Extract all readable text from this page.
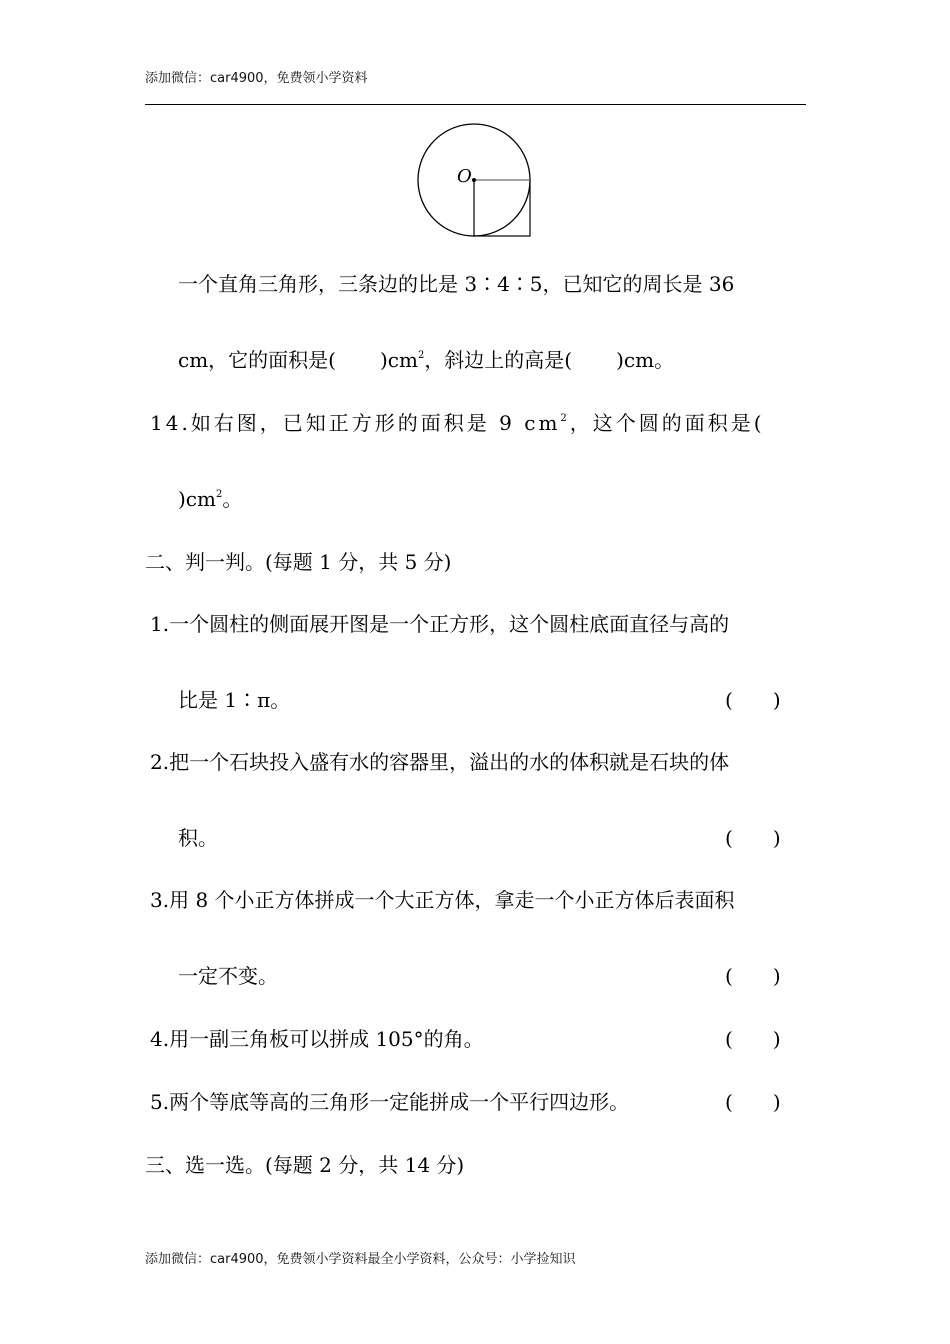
添加微信：car4900，免费领小学资料
O
一个直角三角形，三条边的比是 3∶4∶5，已知它的周长是 36
cm，它的面积是( )$cm^2$，斜边上的高是( )cm。
14.如右图，已知正方形的面积是 9 $cm^2$，这个圆的面积是(
)$cm^2$。
二、判一判。(每题 1 分，共 5 分)
1.一个圆柱的侧面展开图是一个正方形，这个圆柱底面直径与高的
比是 1∶π。	( )
2.把一个石块投入盛有水的容器里，溢出的水的体积就是石块的体
积。	( )
3.用 8 个小正方体拼成一个大正方体，拿走一个小正方体后表面积
一定不变。	( )
4.用一副三角板可以拼成 105°的角。	( )
5.两个等底等高的三角形一定能拼成一个平行四边形。	( )
三、选一选。(每题 2 分，共 14 分)
添加微信：car4900，免费领小学资料最全小学资料，公众号：小学捡知识
